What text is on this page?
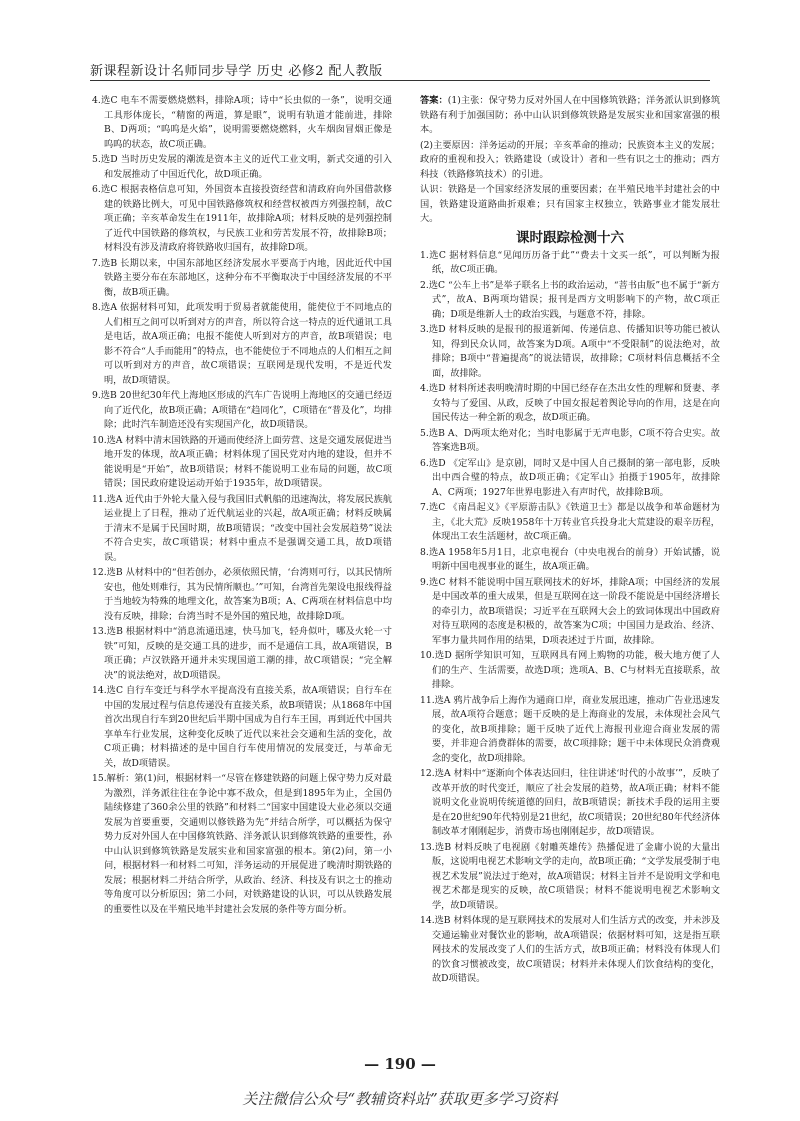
新课程新设计名师同步导学 历史 必修2 配人教版

4.选C 电车不需要燃烧燃料，排除A项；诗中“长虫似的一条”，说明交通工具形体庞长，“精窗的两道，算是眼”，说明有轨道才能前进，排除B、D两项；“呜呜是火焰”，说明需要燃烧燃料，火车烟囱冒烟正像是呜呜的状态，故C项正确。

5.选D 当时历史发展的潮流是资本主义的近代工业文明，新式交通的引入和发展推动了中国近代化，故D项正确。

6.选C 根据表格信息可知，外国资本直接投资经营和清政府向外国借款修建的铁路比例大，可见中国铁路修筑权和经营权被西方列强控制，故C项正确；辛亥革命发生在1911年，故排除A项；材料反映的是列强控制了近代中国铁路的修筑权，与民族工业和劳苦发展不符，故排除B项；材料没有涉及清政府将铁路收归国有，故排除D项。

7.选B 长期以来，中国东部地区经济发展水平要高于内地，因此近代中国铁路主要分布在东部地区，这种分布不平衡取决于中国经济发展的不平衡，故B项正确。

8.选A 依据材料可知，此项发明于贸易者就能使用，能使位于不同地点的人们相互之间可以听到对方的声音，所以符合这一特点的近代通讯工具是电话，故A项正确；电报不能使人听到对方的声音，故B项错误；电影不符合“人手而能用”的特点，也不能使位于不同地点的人们相互之间可以听到对方的声音，故C项错误；互联网是现代发明，不是近代发明，故D项错误。

9.选B 20世纪30年代上海地区形成的汽车广告说明上海地区的交通已经迈向了近代化，故B项正确；A项错在“趋同化”，C项错在“普及化”，均排除；此时汽车制造还没有实现国产化，故D项错误。

10.选A 材料中清末国铁路的开通而使经济上面劳营、这是交通发展促进当地开发的体现，故A项正确；材料体现了国民党对内地的建设，但并不能说明是“开始”，故B项错误；材料不能说明工业布局的问题，故C项错误；国民政府建设运动开始于1935年，故D项错误。

11.选A 近代由于外轮大量入侵与我国旧式帆船的迅速淘汰，将发展民族航运业提上了日程，推动了近代航运业的兴起，故A项正确；材料反映属于清末不是属于民国时期，故B项错误；“改变中国社会发展趋势”说法不符合史实，故C项错误；材料中重点不是强调交通工具，故D项错误。

12.选B 从材料中的“但若创办，必须依照民情，‘台湾则可行，以其民情所安也，他处则难行，其为民情所顺也。’”可知，台湾首先架设电报线得益于当地较为特殊的地理文化，故答案为B项；A、C两项在材料信息中均没有反映，排除；台湾当时不是外国的殖民地，故排除D项。

13.选B 根据材料中“消息流通迅速，快马加飞，轻舟似叶，哪及火轮一寸铁”可知，反映的是交通工具的进步，而不是通信工具，故A项错误，B项正确；卢汉铁路开通并未实现国道工潮的排，故C项错误；“完全解决”的说法绝对，故D项错误。

14.选C 自行车变迁与科学水平提高没有直接关系，故A项错误；自行车在中国的发展过程与信息传递没有直接关系，故B项错误；从1868年中国首次出现自行车到20世纪后半期中国成为自行车王国，再到近代中国共享单车行业发展，这种变化反映了近代以来社会交通和生活的变化，故C项正确；材料描述的是中国自行车使用情况的发展变迁，与革命无关，故D项错误。

15.解析：第(1)问，根据材料一“尽管在修建铁路的问题上保守势力反对最为激烈，洋务派往往在争论中寡不敌众，但是到1895年为止，全国仍陆续修建了360余公里的铁路”和材料二“国家中国建设大业必须以交通发展为首要重要，交通则以修铁路为先”并结合所学，可以概括为保守势力反对外国人在中国修筑铁路、洋务派认识到修筑铁路的重要性，孙中山认识到修筑铁路是发展实业和国家富强的根本。第(2)问，第一小问，根据材料一和材料二可知，洋务运动的开展促进了晚清时期铁路的发展；根据材料二并结合所学，从政治、经济、科技及有识之士的推动等角度可以分析原因；第二小问，对铁路建设的认识，可以从铁路发展的重要性以及在半殖民地半封建社会发展的条件等方面分析。

答案：(1)主张：保守势力反对外国人在中国修筑铁路；洋务派认识到修筑铁路有利于加强国防；孙中山认识到修筑铁路是发展实业和国家富强的根本。

(2)主要原因：洋务运动的开展；辛亥革命的推动；民族资本主义的发展；政府的重视和投入；铁路建设（或设计）者和一些有识之士的推动；西方科技（铁路修筑技术）的引进。

认识：铁路是一个国家经济发展的重要因素；在半殖民地半封建社会的中国，铁路建设道路曲折艰难；只有国家主权独立，铁路事业才能发展壮大。

课时跟踪检测十六

1.选C 据材料信息“见闻历历备于此”“费去十文买一纸”，可以判断为报纸，故C项正确。

2.选C “公车上书”是举子联名上书的政治运动，“菩书由版”也不属于“新方式”，故A、B两项均错误；报刊是西方文明影响下的产物，故C项正确；D项是维新人士的政治实践，与题意不符，排除。

3.选D 材料反映的是报刊的报道新闻、传递信息、传播知识等功能已被认知，得到民众认同，故答案为D项。A项中“不受限制”的说法绝对，故排除；B项中“普遍提高”的说法错误，故排除；C项材料信息概括不全面，故排除。

4.选D 材料所述表明晚清时期的中国已经存在杰出女性的理解和贤妻、孝女特与了爱国、从政，反映了中国女报起着舆论导向的作用，这是在向国民传达一种全新的观念，故D项正确。

5.选B A、D两项太绝对化；当时电影属于无声电影，C项不符合史实。故答案选B项。

6.选D 《定军山》是京剧，同时又是中国人自己摄制的第一部电影，反映出中西合璧的特点，故D项正确；《定军山》拍摄于1905年，故排除A、C两项；1927年世界电影进入有声时代，故排除B项。

7.选C 《南昌起义》《平原游击队》《铁道卫士》都是以战争和革命题材为主，《北大荒》反映1958年十万转业官兵投身北大荒建设的艰辛历程，体现出工农生活题材，故C项正确。

8.选A 1958年5月1日，北京电视台（中央电视台的前身）开始试播，说明新中国电视事业的诞生，故A项正确。

9.选C 材料不能说明中国互联网技术的好坏，排除A项；中国经济的发展是中国改革的重大成果，但是互联网在这一阶段不能说是中国经济增长的牵引力，故B项错误；习近平在互联网大会上的致词体现出中国政府对待互联网的态度是积极的，故答案为C项；中国国力是政治、经济、军事力量共同作用的结果，D项表述过于片面，故排除。

10.选D 据所学知识可知，互联网具有网上购物的功能，极大地方便了人们的生产、生活需要，故选D项；选项A、B、C与材料无直接联系，故排除。

11.选A 鸦片战争后上海作为通商口岸，商业发展迅速，推动广告业迅速发展，故A项符合题意；题干反映的是上海商业的发展，未体现社会风气的变化，故B项排除；题干反映了近代上海报刊业迎合商业发展的需要，并非迎合消费群体的需要，故C项排除；题干中未体现民众消费观念的变化，故D项排除。

12.选A 材料中“逐渐向个体表达回归，往往讲述‘时代的小故事’”，反映了改革开放的时代变迁，顺应了社会发展的趋势，故A项正确；材料不能说明文化业说明传统道德的回归，故B项错误；新技术手段的运用主要是在20世纪90年代特别是21世纪，故C项错误；20世纪80年代经济体制改革才刚刚起步，消费市场也刚刚起步，故D项错误。

13.选B 材料反映了电视剧《射雕英雄传》热播促进了金庸小说的大量出版，这说明电视艺术影响文学的走向，故B项正确；“文学发展受制于电视艺术发展”说法过于绝对，故A项错误；材料主旨并不是说明文学和电视艺术都是现实的反映，故C项错误；材料不能说明电视艺术影响文学，故D项错误。

14.选B 材料体现的是互联网技术的发展对人们生活方式的改变，并未涉及交通运输业对餐饮业的影响，故A项错误；依据材料可知，这是指互联网技术的发展改变了人们的生活方式，故B项正确；材料没有体现人们的饮食习惯被改变，故C项错误；材料并未体现人们饮食结构的变化，故D项错误。

— 190 —
关注微信公众号“教辅资料站”获取更多学习资料
